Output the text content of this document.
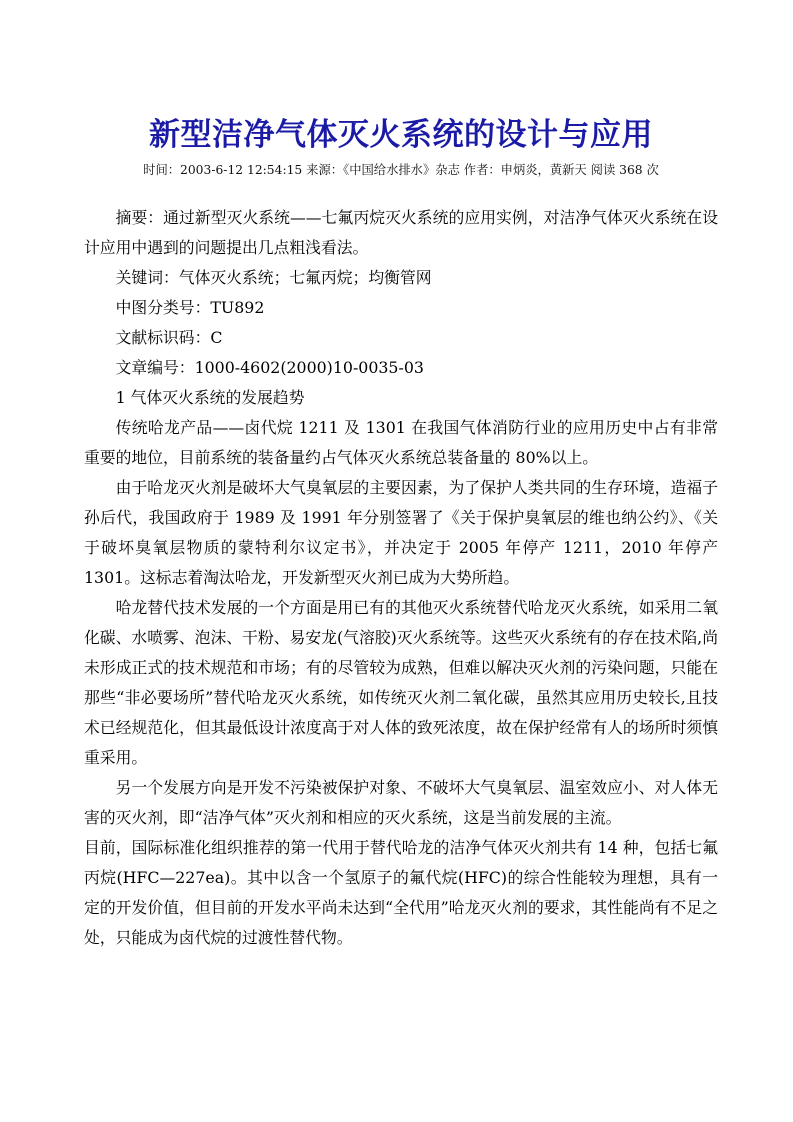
新型洁净气体灭火系统的设计与应用
时间：2003-6-12 12:54:15 来源：《中国给水排水》杂志 作者：申炳炎，黄新天 阅读 368 次

摘要：通过新型灭火系统——七氟丙烷灭火系统的应用实例，对洁净气体灭火系统在设计应用中遇到的问题提出几点粗浅看法。

关键词：气体灭火系统；七氟丙烷；均衡管网

中图分类号：TU892

文献标识码：C

文章编号：1000-4602(2000)10-0035-03

1 气体灭火系统的发展趋势

传统哈龙产品——卤代烷 1211 及 1301 在我国气体消防行业的应用历史中占有非常重要的地位，目前系统的装备量约占气体灭火系统总装备量的 80%以上。

由于哈龙灭火剂是破坏大气臭氧层的主要因素，为了保护人类共同的生存环境，造福子孙后代，我国政府于 1989 及 1991 年分别签署了《关于保护臭氧层的维也纳公约》、《关于破坏臭氧层物质的蒙特利尔议定书》，并决定于 2005 年停产 1211，2010 年停产 1301。这标志着淘汰哈龙，开发新型灭火剂已成为大势所趋。

哈龙替代技术发展的一个方面是用已有的其他灭火系统替代哈龙灭火系统，如采用二氧化碳、水喷雾、泡沫、干粉、易安龙(气溶胶)灭火系统等。这些灭火系统有的存在技术陷,尚未形成正式的技术规范和市场；有的尽管较为成熟，但难以解决灭火剂的污染问题，只能在那些“非必要场所”替代哈龙灭火系统，如传统灭火剂二氧化碳，虽然其应用历史较长,且技术已经规范化，但其最低设计浓度高于对人体的致死浓度，故在保护经常有人的场所时须慎重采用。

另一个发展方向是开发不污染被保护对象、不破坏大气臭氧层、温室效应小、对人体无害的灭火剂，即“洁净气体”灭火剂和相应的灭火系统，这是当前发展的主流。

目前，国际标准化组织推荐的第一代用于替代哈龙的洁净气体灭火剂共有 14 种，包括七氟丙烷(HFC—227ea)。其中以含一个氢原子的氟代烷(HFC)的综合性能较为理想，具有一定的开发价值，但目前的开发水平尚未达到“全代用”哈龙灭火剂的要求，其性能尚有不足之处，只能成为卤代烷的过渡性替代物。
